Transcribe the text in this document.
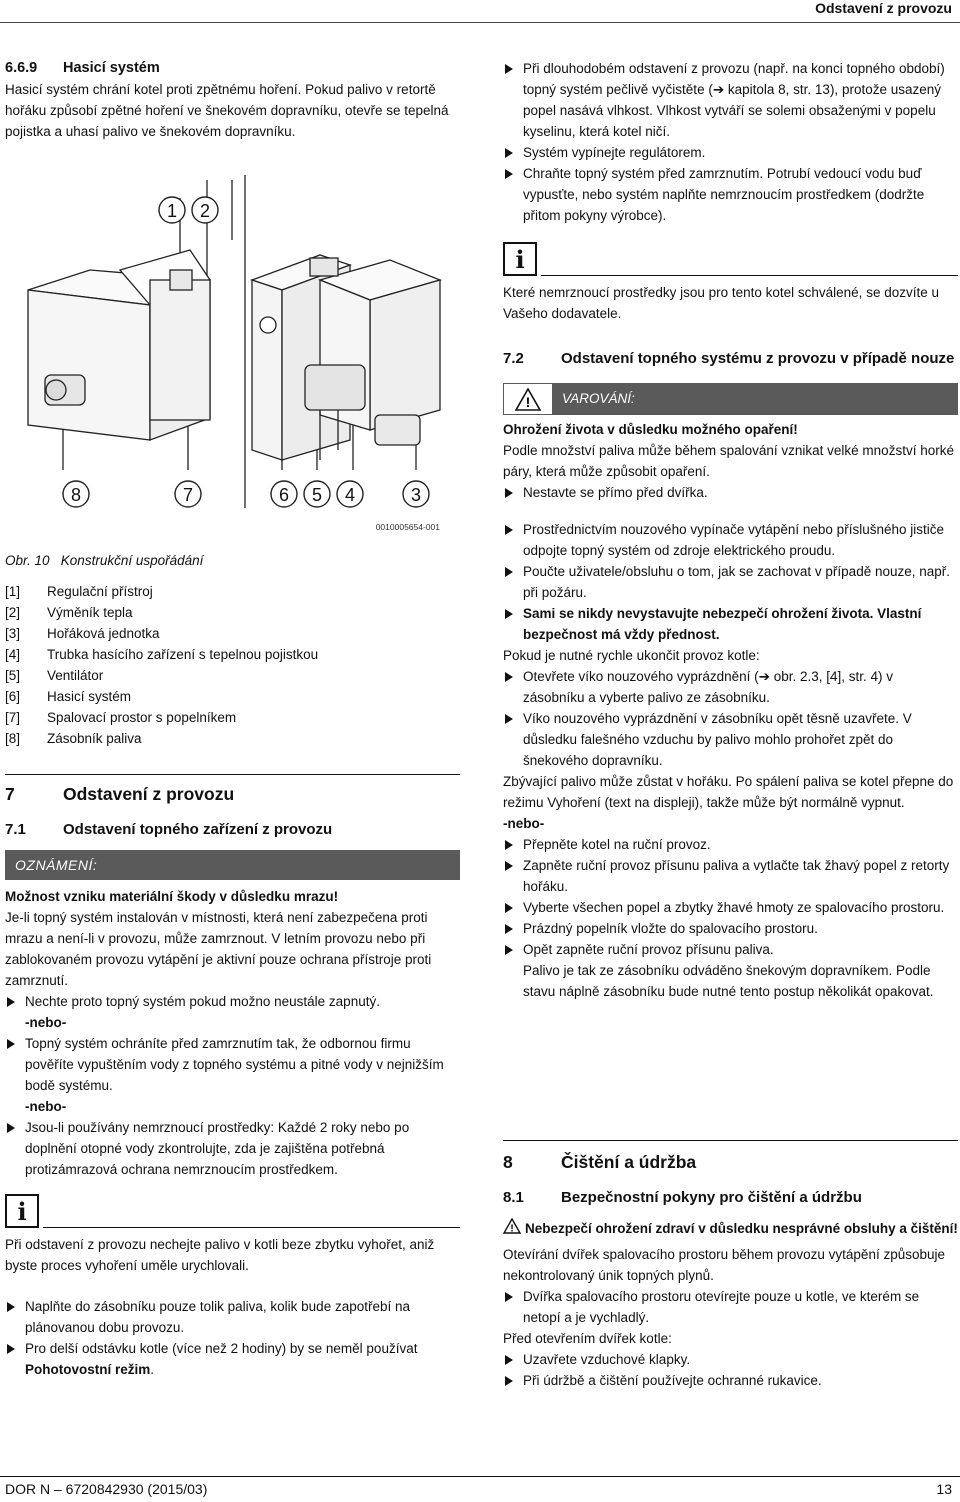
Odstavení z provozu
6.6.9 Hasicí systém

Hasicí systém chrání kotel proti zpětnému hoření. Pokud palivo v retortě hořáku způsobí zpětné hoření ve šnekovém dopravníku, otevře se tepelná pojistka a uhasí palivo ve šnekovém dopravníku.

1 2
8	7	6 5 4	3
0010005654-001

Obr. 10 Konstrukční uspořádání

[1]	Regulační přístroj
[2]	Výměník tepla
[3]	Hořáková jednotka
[4]	Trubka hasícího zařízení s tepelnou pojistkou
[5]	Ventilátor
[6]	Hasicí systém
[7]	Spalovací prostor s popelníkem
[8]	Zásobník paliva
7	Odstavení z provozu
7.1 Odstavení topného zařízení z provozu
OZNÁMENÍ:

Možnost vzniku materiální škody v důsledku mrazu!

Je-li topný systém instalován v místnosti, která není zabezpečena proti mrazu a není-li v provozu, může zamrznout. V letním provozu nebo při zablokovaném provozu vytápění je aktivní pouze ochrana přístroje proti zamrznutí.

Nechte proto topný systém pokud možno neustále zapnutý.

-nebo-

Topný systém ochráníte před zamrznutím tak, že odbornou firmu pověříte vypuštěním vody z topného systému a pitné vody v nejnižším bodě systému.

-nebo-

Jsou-li používány nemrznoucí prostředky: Každé 2 roky nebo po doplnění otopné vody zkontrolujte, zda je zajištěna potřebná protizámrazová ochrana nemrznoucím prostředkem.

i

Při odstavení z provozu nechejte palivo v kotli beze zbytku vyhořet, aniž byste proces vyhoření uměle urychlovali.

Naplňte do zásobníku pouze tolik paliva, kolik bude zapotřebí na plánovanou dobu provozu.

Pro delší odstávku kotle (více než 2 hodiny) by se neměl používat Pohotovostní režim.

Při dlouhodobém odstavení z provozu (např. na konci topného období) topný systém pečlivě vyčistěte (➔ kapitola 8, str. 13), protože usazený popel nasává vlhkost. Vlhkost vytváří se solemi obsaženými v popelu kyselinu, která kotel ničí.

Systém vypínejte regulátorem.

Chraňte topný systém před zamrznutím. Potrubí vedoucí vodu buď vypusťte, nebo systém naplňte nemrznoucím prostředkem (dodržte přitom pokyny výrobce).

i

Které nemrznoucí prostředky jsou pro tento kotel schválené, se dozvíte u Vašeho dodavatele.

7.2	Odstavení topného systému z provozu v případě nouze
!	VAROVÁNÍ:

Ohrožení života v důsledku možného opaření!

Podle množství paliva může během spalování vznikat velké množství horké páry, která může způsobit opaření.

Nestavte se přímo před dvířka.

Prostřednictvím nouzového vypínače vytápění nebo příslušného jističe odpojte topný systém od zdroje elektrického proudu.

Poučte uživatele/obsluhu o tom, jak se zachovat v případě nouze, např. při požáru.

Sami se nikdy nevystavujte nebezpečí ohrožení života. Vlastní bezpečnost má vždy přednost.

Pokud je nutné rychle ukončit provoz kotle:

Otevřete víko nouzového vyprázdnění (➔ obr. 2.3, [4], str. 4) v zásobníku a vyberte palivo ze zásobníku.

Víko nouzového vyprázdnění v zásobníku opět těsně uzavřete. V důsledku falešného vzduchu by palivo mohlo prohořet zpět do šnekového dopravníku.

Zbývající palivo může zůstat v hořáku. Po spálení paliva se kotel přepne do režimu Vyhoření (text na displeji), takže může být normálně vypnut.

-nebo-

Přepněte kotel na ruční provoz.

Zapněte ruční provoz přísunu paliva a vytlačte tak žhavý popel z retorty hořáku.

Vyberte všechen popel a zbytky žhavé hmoty ze spalovacího prostoru.

Prázdný popelník vložte do spalovacího prostoru.

Opět zapněte ruční provoz přísunu paliva.

Palivo je tak ze zásobníku odváděno šnekovým dopravníkem. Podle stavu náplně zásobníku bude nutné tento postup několikát opakovat.

8	Čištění a údržba
8.1 Bezpečnostní pokyny pro čištění a údržbu
! Nebezpečí ohrožení zdraví v důsledku nesprávné obsluhy a čištění!

Otevírání dvířek spalovacího prostoru během provozu vytápění způsobuje nekontrolovaný únik topných plynů.

Dvířka spalovacího prostoru otevírejte pouze u kotle, ve kterém se netopí a je vychladlý.

Před otevřením dvířek kotle:

Uzavřete vzduchové klapky.

Při údržbě a čištění používejte ochranné rukavice.

DOR N – 6720842930 (2015/03)	13
